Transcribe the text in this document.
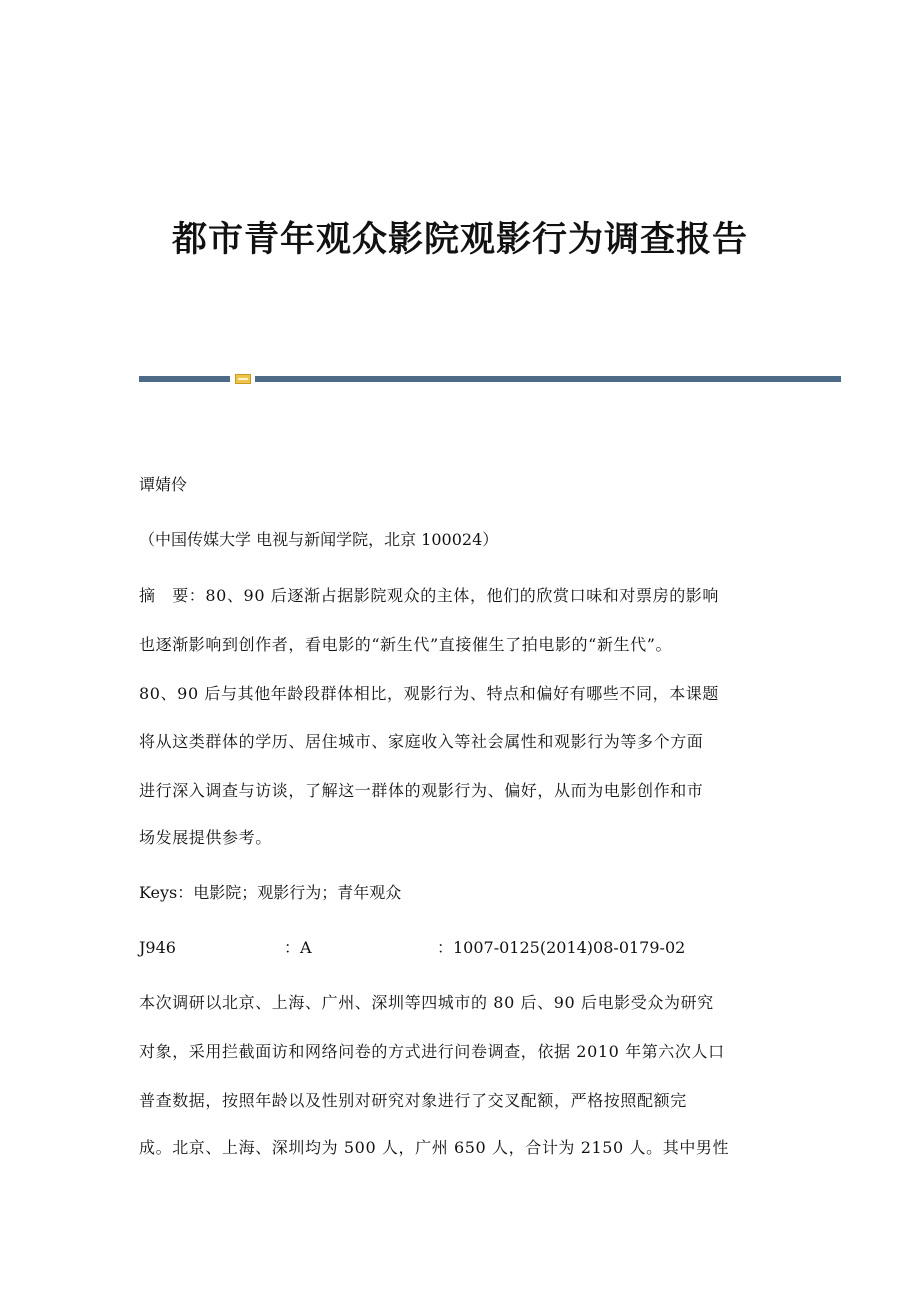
都市青年观众影院观影行为调查报告

谭婧伶

（中国传媒大学 电视与新闻学院，北京 100024）

摘　要：80、90 后逐渐占据影院观众的主体，他们的欣赏口味和对票房的影响

也逐渐影响到创作者，看电影的“新生代”直接催生了拍电影的“新生代”。

80、90 后与其他年龄段群体相比，观影行为、特点和偏好有哪些不同，本课题

将从这类群体的学历、居住城市、家庭收入等社会属性和观影行为等多个方面

进行深入调查与访谈，了解这一群体的观影行为、偏好，从而为电影创作和市

场发展提供参考。

Keys：电影院；观影行为；青年观众

J946	：A	：1007-0125(2014)08-0179-02

本次调研以北京、上海、广州、深圳等四城市的 80 后、90 后电影受众为研究

对象，采用拦截面访和网络问卷的方式进行问卷调查，依据 2010 年第六次人口

普查数据，按照年龄以及性别对研究对象进行了交叉配额，严格按照配额完

成。北京、上海、深圳均为 500 人，广州 650 人，合计为 2150 人。其中男性
